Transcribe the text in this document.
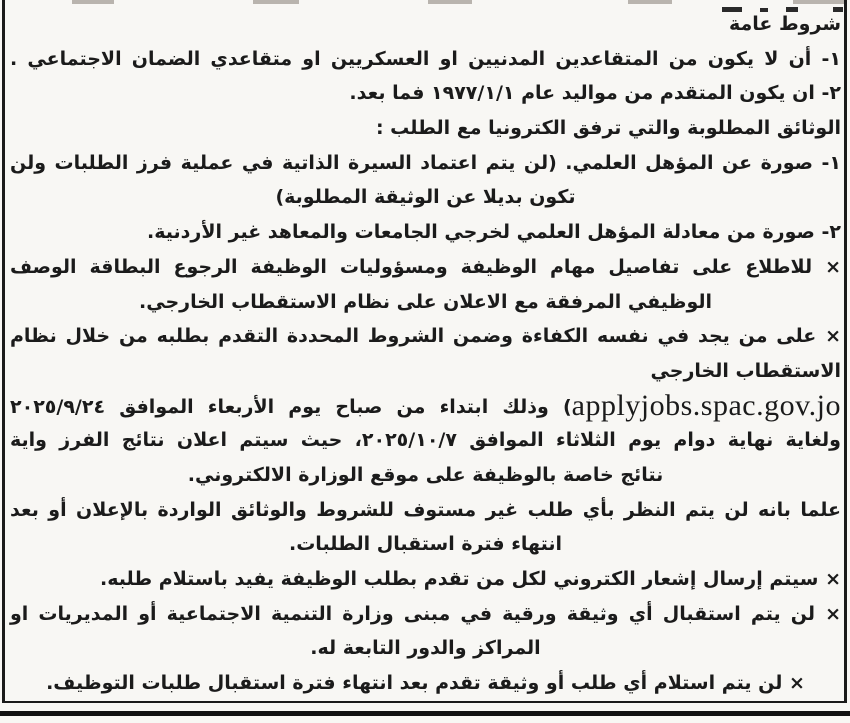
شروط عامة
١- أن لا يكون من المتقاعدين المدنيين او العسكريين او متقاعدي الضمان الاجتماعي .
٢- ان يكون المتقدم من مواليد عام ١٩٧٧/١/١ فما بعد.
الوثائق المطلوبة والتي ترفق الكترونيا مع الطلب :
١- صورة عن المؤهل العلمي. (لن يتم اعتماد السيرة الذاتية في عملية فرز الطلبات ولن
تكون بديلا عن الوثيقة المطلوبة)
٢- صورة من معادلة المؤهل العلمي لخرجي الجامعات والمعاهد غير الأردنية.
× للاطلاع على تفاصيل مهام الوظيفة ومسؤوليات الوظيفة الرجوع البطاقة الوصف
الوظيفي المرفقة مع الاعلان على نظام الاستقطاب الخارجي.
× على من يجد في نفسه الكفاءة وضمن الشروط المحددة التقدم بطلبه من خلال نظام
الاستقطاب الخارجي
applyjobs.spac.gov.jo) وذلك ابتداء من صباح يوم الأربعاء الموافق ٢٠٢٥/٩/٢٤
ولغاية نهاية دوام يوم الثلاثاء الموافق ٢٠٢٥/١٠/٧، حيث سيتم اعلان نتائج الفرز واية
نتائج خاصة بالوظيفة على موقع الوزارة الالكتروني.
علما بانه لن يتم النظر بأي طلب غير مستوف للشروط والوثائق الواردة بالإعلان أو بعد
انتهاء فترة استقبال الطلبات.
× سيتم إرسال إشعار الكتروني لكل من تقدم بطلب الوظيفة يفيد باستلام طلبه.
× لن يتم استقبال أي وثيقة ورقية في مبنى وزارة التنمية الاجتماعية أو المديريات او
المراكز والدور التابعة له.
× لن يتم استلام أي طلب أو وثيقة تقدم بعد انتهاء فترة استقبال طلبات التوظيف.
